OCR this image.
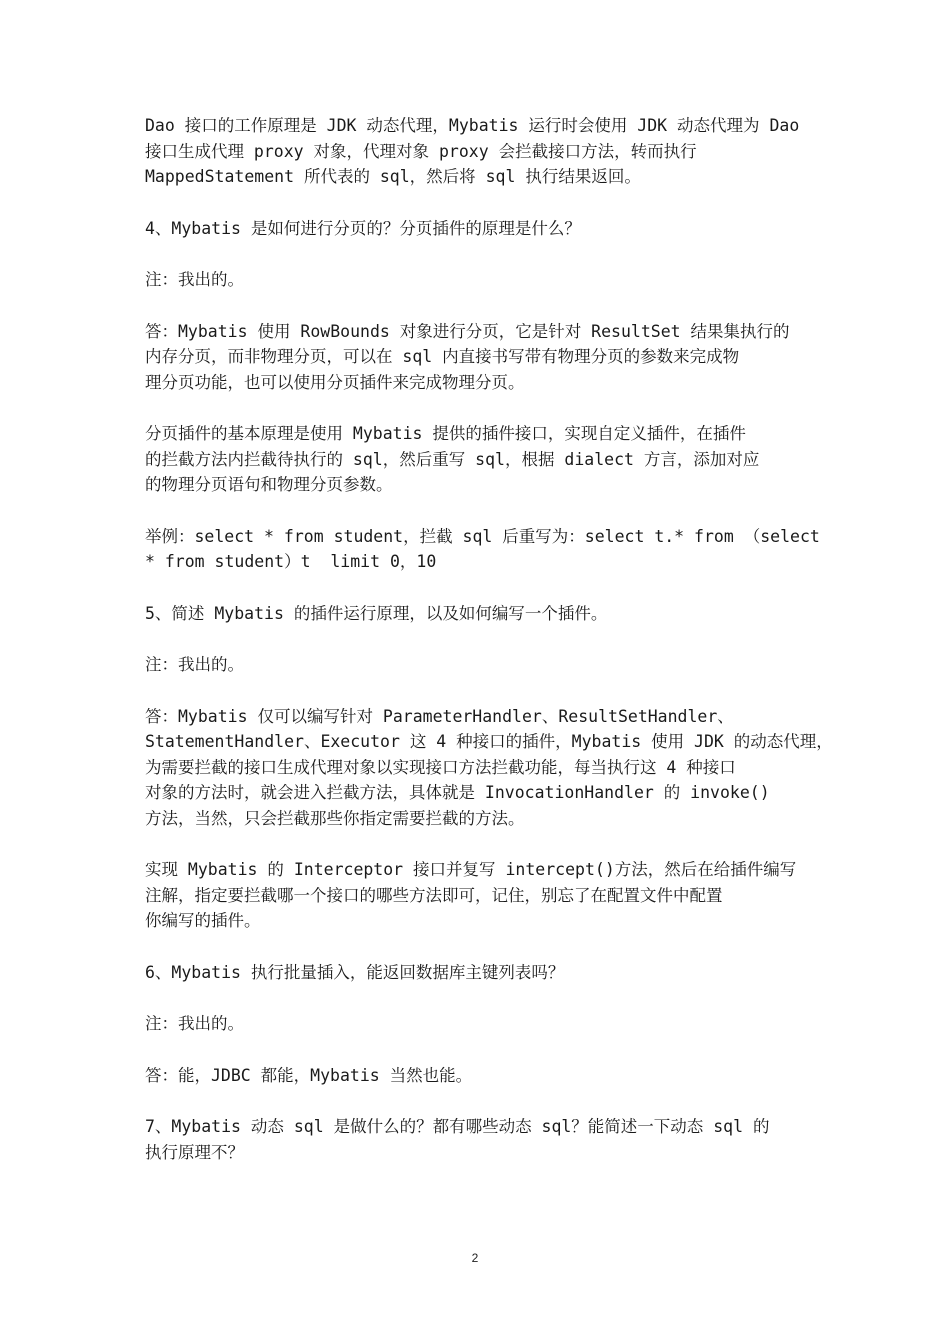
Dao 接口的工作原理是 JDK 动态代理，Mybatis 运行时会使用 JDK 动态代理为 Dao
接口生成代理 proxy 对象，代理对象 proxy 会拦截接口方法，转而执行
MappedStatement 所代表的 sql，然后将 sql 执行结果返回。

4、Mybatis 是如何进行分页的？分页插件的原理是什么？

注：我出的。

答：Mybatis 使用 RowBounds 对象进行分页，它是针对 ResultSet 结果集执行的
内存分页，而非物理分页，可以在 sql 内直接书写带有物理分页的参数来完成物
理分页功能，也可以使用分页插件来完成物理分页。

分页插件的基本原理是使用 Mybatis 提供的插件接口，实现自定义插件，在插件
的拦截方法内拦截待执行的 sql，然后重写 sql，根据 dialect 方言，添加对应
的物理分页语句和物理分页参数。

举例：select * from student，拦截 sql 后重写为：select t.* from （select
* from student）t  limit 0，10

5、简述 Mybatis 的插件运行原理，以及如何编写一个插件。

注：我出的。

答：Mybatis 仅可以编写针对 ParameterHandler、ResultSetHandler、
StatementHandler、Executor 这 4 种接口的插件，Mybatis 使用 JDK 的动态代理，
为需要拦截的接口生成代理对象以实现接口方法拦截功能，每当执行这 4 种接口
对象的方法时，就会进入拦截方法，具体就是 InvocationHandler 的 invoke()
方法，当然，只会拦截那些你指定需要拦截的方法。

实现 Mybatis 的 Interceptor 接口并复写 intercept()方法，然后在给插件编写
注解，指定要拦截哪一个接口的哪些方法即可，记住，别忘了在配置文件中配置
你编写的插件。

6、Mybatis 执行批量插入，能返回数据库主键列表吗？

注：我出的。

答：能，JDBC 都能，Mybatis 当然也能。

7、Mybatis 动态 sql 是做什么的？都有哪些动态 sql？能简述一下动态 sql 的
执行原理不？

2
